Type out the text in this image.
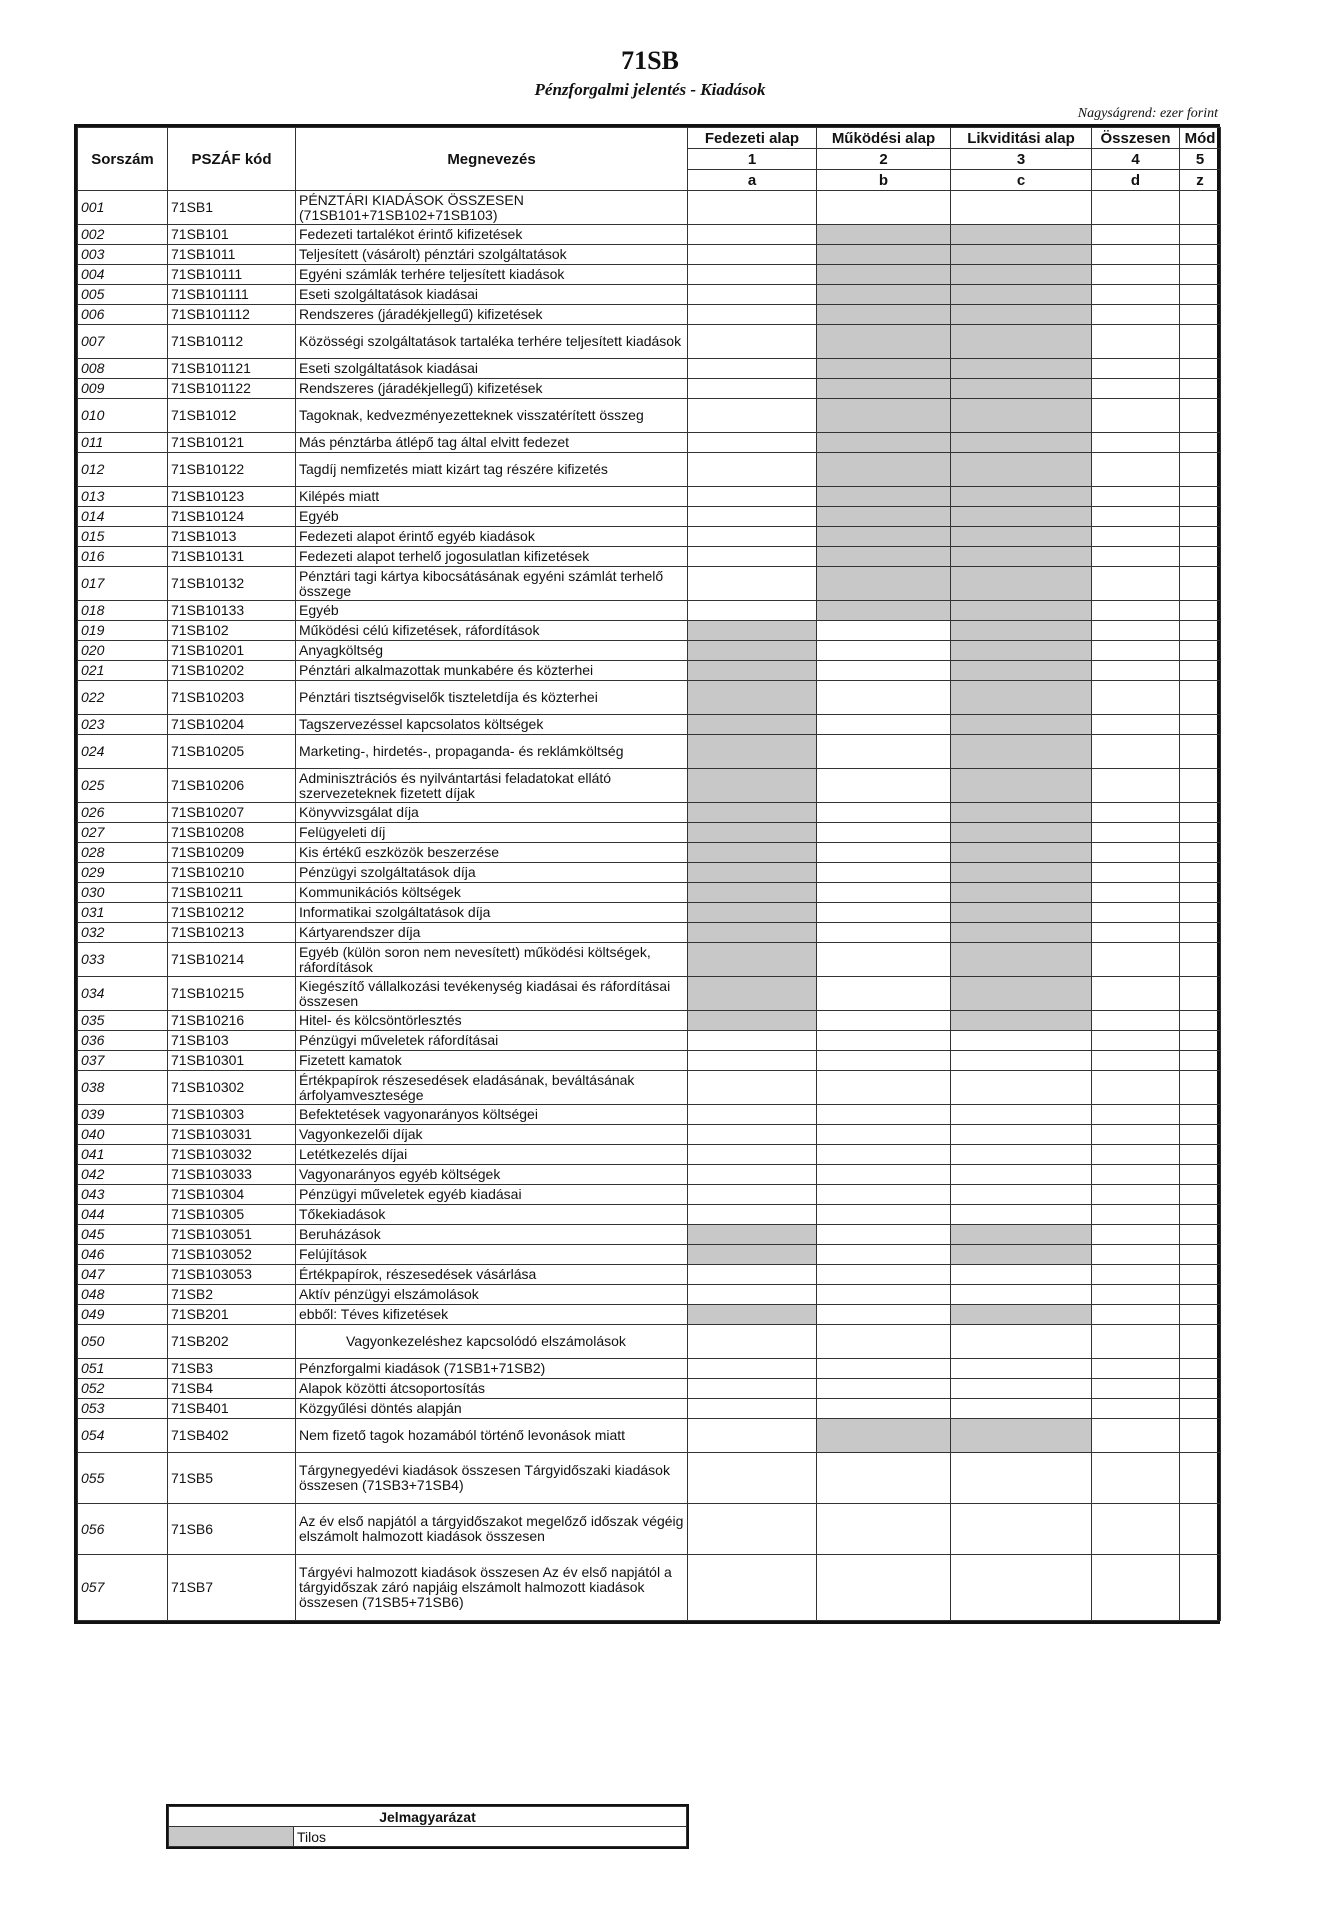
71SB
Pénzforgalmi jelentés - Kiadások
Nagyságrend: ezer forint
Sorszám	PSZÁF kód	Megnevezés	Fedezeti alap	Működési alap	Likviditási alap	Összesen	Mód
			1	2	3	4	5
			a	b	c	d	z
001	71SB1	PÉNZTÁRI KIADÁSOK ÖSSZESEN (71SB101+71SB102+71SB103)					
002	71SB101	Fedezeti tartalékot érintő kifizetések					
003	71SB1011	Teljesített (vásárolt) pénztári szolgáltatások					
004	71SB10111	Egyéni számlák terhére teljesített kiadások					
005	71SB101111	Eseti szolgáltatások kiadásai					
006	71SB101112	Rendszeres (járadékjellegű) kifizetések					
007	71SB10112	Közösségi szolgáltatások tartaléka terhére teljesített kiadások					
008	71SB101121	Eseti szolgáltatások kiadásai					
009	71SB101122	Rendszeres (járadékjellegű) kifizetések					
010	71SB1012	Tagoknak, kedvezményezetteknek visszatérített összeg					
011	71SB10121	Más pénztárba átlépő tag által elvitt fedezet					
012	71SB10122	Tagdíj nemfizetés miatt kizárt tag részére kifizetés					
013	71SB10123	Kilépés miatt					
014	71SB10124	Egyéb					
015	71SB1013	Fedezeti alapot érintő egyéb kiadások					
016	71SB10131	Fedezeti alapot terhelő jogosulatlan kifizetések					
017	71SB10132	Pénztári tagi kártya kibocsátásának egyéni számlát terhelő összege					
018	71SB10133	Egyéb					
019	71SB102	Működési célú kifizetések, ráfordítások					
020	71SB10201	Anyagköltség					
021	71SB10202	Pénztári alkalmazottak munkabére és közterhei					
022	71SB10203	Pénztári tisztségviselők tiszteletdíja és közterhei					
023	71SB10204	Tagszervezéssel kapcsolatos költségek					
024	71SB10205	Marketing-, hirdetés-, propaganda- és reklámköltség					
025	71SB10206	Adminisztrációs és nyilvántartási feladatokat ellátó szervezeteknek fizetett díjak					
026	71SB10207	Könyvvizsgálat díja					
027	71SB10208	Felügyeleti díj					
028	71SB10209	Kis értékű eszközök beszerzése					
029	71SB10210	Pénzügyi szolgáltatások díja					
030	71SB10211	Kommunikációs költségek					
031	71SB10212	Informatikai szolgáltatások díja					
032	71SB10213	Kártyarendszer díja					
033	71SB10214	Egyéb (külön soron nem nevesített) működési költségek, ráfordítások					
034	71SB10215	Kiegészítő vállalkozási tevékenység kiadásai és ráfordításai összesen					
035	71SB10216	Hitel- és kölcsöntörlesztés					
036	71SB103	Pénzügyi műveletek ráfordításai					
037	71SB10301	Fizetett kamatok					
038	71SB10302	Értékpapírok részesedések eladásának, beváltásának árfolyamvesztesége					
039	71SB10303	Befektetések vagyonarányos költségei					
040	71SB103031	Vagyonkezelői díjak					
041	71SB103032	Letétkezelés díjai					
042	71SB103033	Vagyonarányos egyéb költségek					
043	71SB10304	Pénzügyi műveletek egyéb kiadásai					
044	71SB10305	Tőkekiadások					
045	71SB103051	Beruházások					
046	71SB103052	Felújítások					
047	71SB103053	Értékpapírok, részesedések vásárlása					
048	71SB2	Aktív pénzügyi elszámolások					
049	71SB201	ebből: Téves kifizetések					
050	71SB202	Vagyonkezeléshez kapcsolódó elszámolások					
051	71SB3	Pénzforgalmi kiadások (71SB1+71SB2)					
052	71SB4	Alapok közötti átcsoportosítás					
053	71SB401	Közgyűlési döntés alapján					
054	71SB402	Nem fizető tagok hozamából történő levonások miatt					
055	71SB5	Tárgynegyedévi kiadások összesen Tárgyidőszaki kiadások összesen (71SB3+71SB4)					
056	71SB6	Az év első napjától a tárgyidőszakot megelőző időszak végéig elszámolt halmozott kiadások összesen					
057	71SB7	Tárgyévi halmozott kiadások összesen Az év első napjától a tárgyidőszak záró napjáig elszámolt halmozott kiadások összesen (71SB5+71SB6)					
Jelmagyarázat
	Tilos
